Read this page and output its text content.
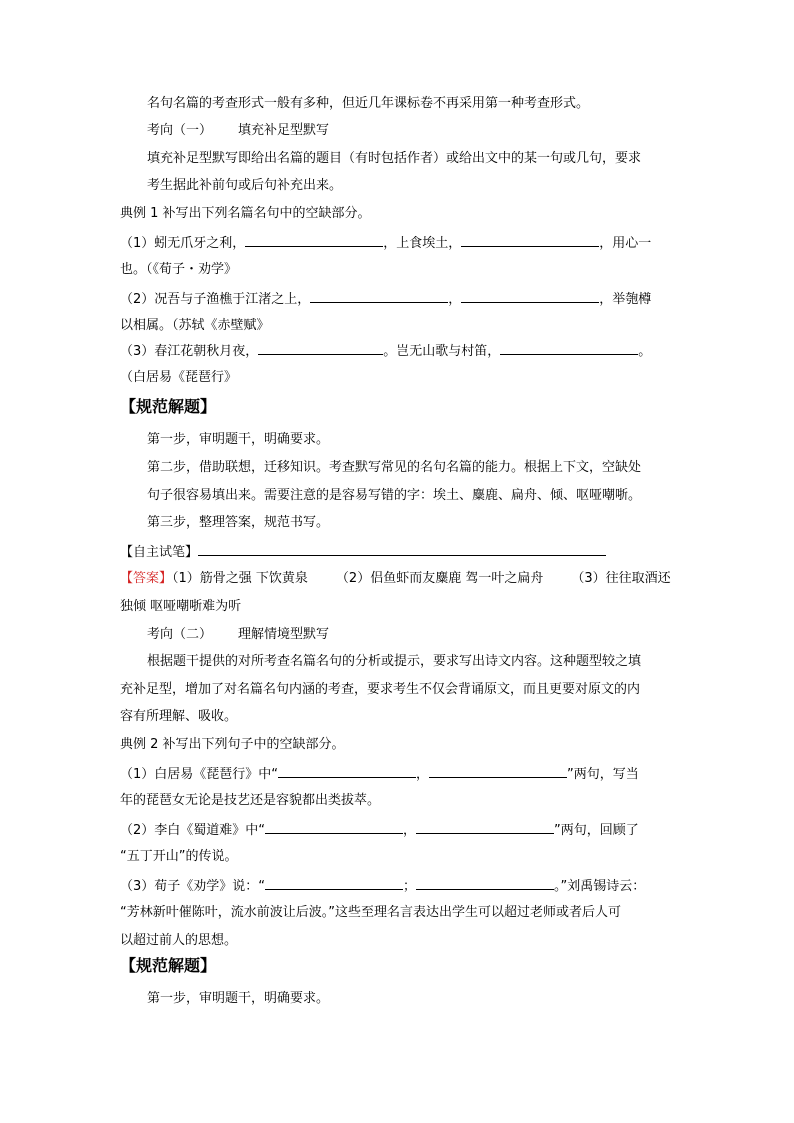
名句名篇的考查形式一般有多种，但近几年课标卷不再采用第一种考查形式。
考向（一） 填充补足型默写
填充补足型默写即给出名篇的题目（有时包括作者）或给出文中的某一句或几句，要求
考生据此补前句或后句补充出来。
典例 1 补写出下列名篇名句中的空缺部分。
（1）蚓无爪牙之利，	，上食埃土，	，用心一
也。（《荀子・劝学》
（2）况吾与子渔樵于江渚之上，	，	，举匏樽
以相属。（苏轼《赤壁赋》
（3）春江花朝秋月夜，	。岂无山歌与村笛，	。
（白居易《琵琶行》
【规范解题】
第一步，审明题干，明确要求。
第二步，借助联想，迁移知识。考查默写常见的名句名篇的能力。根据上下文，空缺处
句子很容易填出来。需要注意的是容易写错的字：埃土、麋鹿、扁舟、倾、呕哑嘲哳。
第三步，整理答案，规范书写。
【自主试笔】
【答案】（1）筋骨之强 下饮黄泉 （2）侣鱼虾而友麋鹿 驾一叶之扁舟 （3）往往取酒还
独倾 呕哑嘲哳难为听
考向（二） 理解情境型默写
根据题干提供的对所考查名篇名句的分析或提示，要求写出诗文内容。这种题型较之填
充补足型，增加了对名篇名句内涵的考查，要求考生不仅会背诵原文，而且更要对原文的内
容有所理解、吸收。
典例 2 补写出下列句子中的空缺部分。
（1）白居易《琵琶行》中“	，	”两句，写当
年的琵琶女无论是技艺还是容貌都出类拔萃。
（2）李白《蜀道难》中“	，	”两句，回顾了
“五丁开山”的传说。
（3）荀子《劝学》说：“	；	。”刘禹锡诗云：
“芳林新叶催陈叶，流水前波让后波。”这些至理名言表达出学生可以超过老师或者后人可
以超过前人的思想。
【规范解题】
第一步，审明题干，明确要求。
